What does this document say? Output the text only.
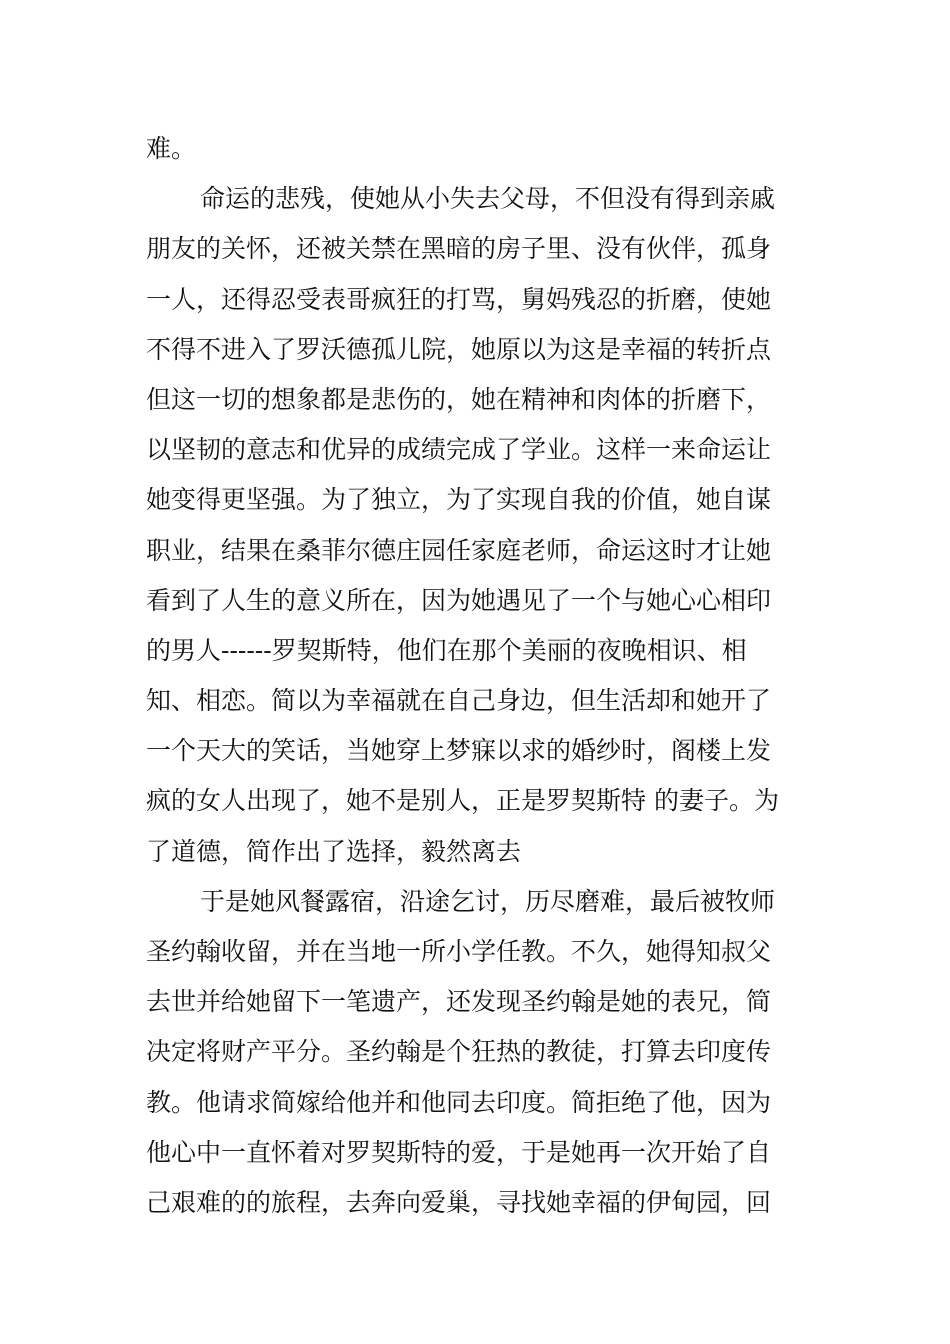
难。
命运的悲残，使她从小失去父母，不但没有得到亲戚
朋友的关怀，还被关禁在黑暗的房子里、没有伙伴，孤身
一人，还得忍受表哥疯狂的打骂，舅妈残忍的折磨，使她
不得不进入了罗沃德孤儿院，她原以为这是幸福的转折点
但这一切的想象都是悲伤的，她在精神和肉体的折磨下，
以坚韧的意志和优异的成绩完成了学业。这样一来命运让
她变得更坚强。为了独立，为了实现自我的价值，她自谋
职业，结果在桑菲尔德庄园任家庭老师，命运这时才让她
看到了人生的意义所在，因为她遇见了一个与她心心相印
的男人------罗契斯特，他们在那个美丽的夜晚相识、相
知、相恋。简以为幸福就在自己身边，但生活却和她开了
一个天大的笑话，当她穿上梦寐以求的婚纱时，阁楼上发
疯的女人出现了，她不是别人，正是罗契斯特 的妻子。为
了道德，简作出了选择，毅然离去
于是她风餐露宿，沿途乞讨，历尽磨难，最后被牧师
圣约翰收留，并在当地一所小学任教。不久，她得知叔父
去世并给她留下一笔遗产，还发现圣约翰是她的表兄，简
决定将财产平分。圣约翰是个狂热的教徒，打算去印度传
教。他请求简嫁给他并和他同去印度。简拒绝了他，因为
他心中一直怀着对罗契斯特的爱，于是她再一次开始了自
己艰难的的旅程，去奔向爱巢，寻找她幸福的伊甸园，回
